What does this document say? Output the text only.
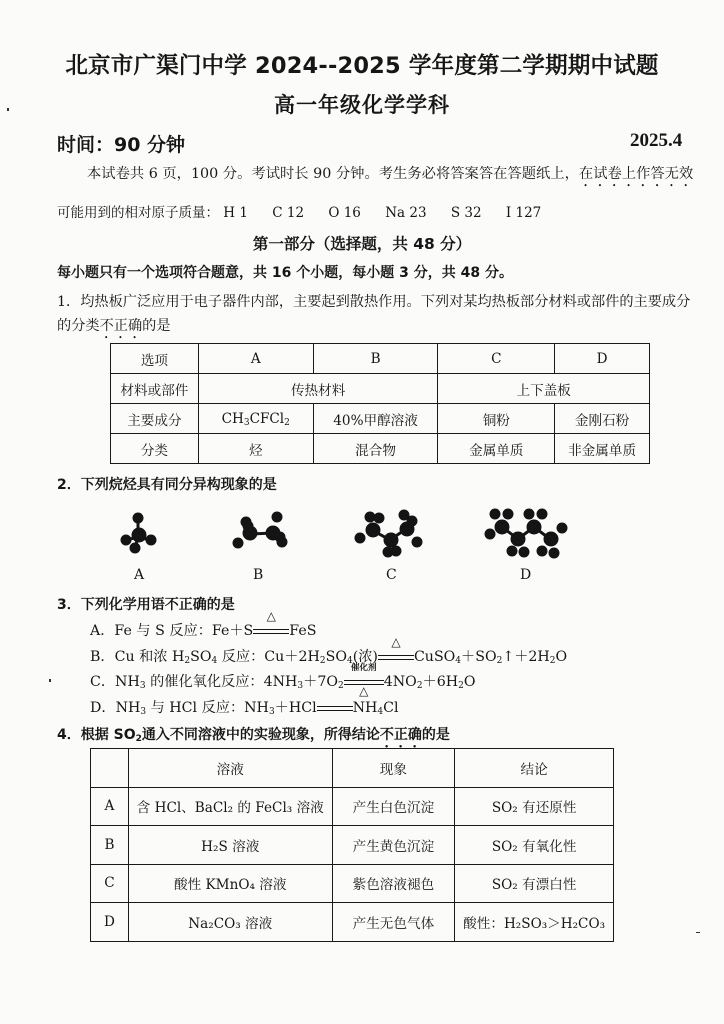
北京市广渠门中学 2024--2025 学年度第二学期期中试题
高一年级化学学科
时间：90 分钟	2025.4
本试卷共 6 页，100 分。考试时长 90 分钟。考生务必将答案答在答题纸上，在试卷上作答无效
可能用到的相对原子质量： H 1 C 12 O 16 Na 23 S 32 I 127
第一部分（选择题，共 48 分）
每小题只有一个选项符合题意，共 16 个小题，每小题 3 分，共 48 分。
1．均热板广泛应用于电子器件内部，主要起到散热作用。下列对某均热板部分材料或部件的主要成分
的分类不正确的是
选项	A	B	C	D
材料或部件	传热材料		上下盖板	
主要成分	$CH_3CFCl_2$	40%甲醇溶液	铜粉	金刚石粉
分类	烃	混合物	金属单质	非金属单质
2．下列烷烃具有同分异构现象的是
A	B	C	D
3．下列化学用语不正确的是
A．Fe 与 S 反应：Fe＋S
△
FeS
B．Cu 和浓 $H_2SO_4$ 反应：$Cu+2H_2SO_4$(浓)
△
$CuSO_4+SO_2↑+2H_2O$
C．$NH_3$ 的催化氧化反应：$4NH_3+7O_2$
催化剂
△
$4NO_2+6H_2O$
D．$NH_3$ 与 HCl 反应：$NH_3+HCl$	$NH_4Cl$
4．根据 $SO_2$通入不同溶液中的实验现象，所得结论不正确的是
	溶液	现象	结论
A	含 HCl、BaCl₂ 的 FeCl₃ 溶液	产生白色沉淀	SO₂ 有还原性
B	H₂S 溶液	产生黄色沉淀	SO₂ 有氧化性
C	酸性 KMnO₄ 溶液	紫色溶液褪色	SO₂ 有漂白性
D	Na₂CO₃ 溶液	产生无色气体	酸性：H₂SO₃＞H₂CO₃
